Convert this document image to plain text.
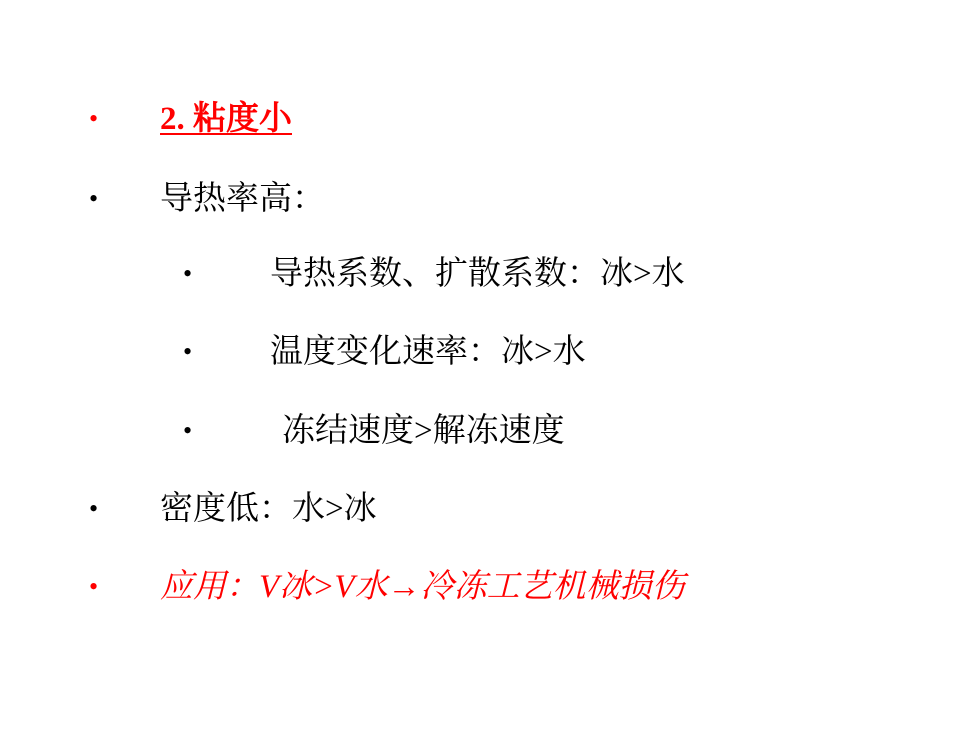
• 2. 粘度小
• 导热率高：
• 导热系数、扩散系数：冰>水
• 温度变化速率：冰>水
•	冻结速度>解冻速度
• 密度低：水>冰
• 应用：V冰>V水→冷冻工艺机械损伤
